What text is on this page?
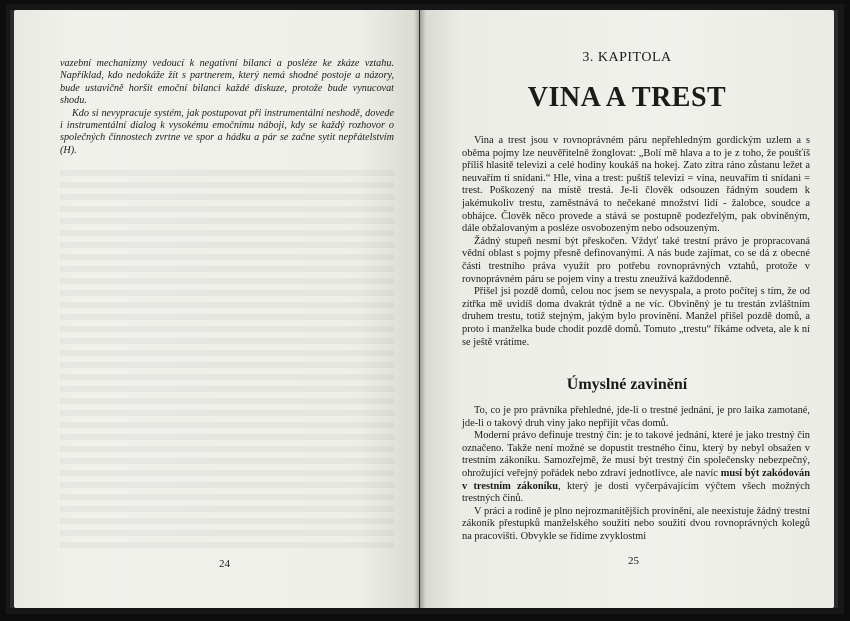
vazební mechanizmy vedoucí k negativní bilanci a posléze ke zkáze vztahu. Například, kdo nedokáže žít s partnerem, který nemá shodné postoje a názory, bude ustavičně horšit emoční bilanci každé diskuze, protože bude vynucovat shodu.

Kdo si nevypracuje systém, jak postupovat při instrumentální neshodě, dovede i instrumentální dialog k vysokému emočnímu náboji, kdy se každý rozhovor o společných činnostech zvrtne ve spor a hádku a pár se začne sytit nepřátelstvím (H).

24
3. KAPITOLA
VINA A TREST

Vina a trest jsou v rovnoprávném páru nepřehledným gordickým uzlem a s oběma pojmy lze neuvěřitelně žonglovat: „Bolí mě hlava a to je z toho, že poušťíš příliš hlasitě televizi a celé hodiny koukáš na hokej. Zato zítra ráno zůstanu ležet a neuvařím ti snídani.“ Hle, vina a trest: puštíš televizi = vina, neuvařím ti snídani = trest. Poškozený na místě trestá. Je-li člověk odsouzen řádným soudem k jakémukoliv trestu, zaměstnává to nečekané množství lidí - žalobce, soudce a obhájce. Člověk něco provede a stává se postupně podezřelým, pak obviněným, dále obžalovaným a posléze osvobozeným nebo odsouzeným.

Žádný stupeň nesmí být přeskočen. Vždyť také trestní právo je propracovaná vědní oblast s pojmy přesně definovanými. A nás bude zajímat, co se dá z obecné části trestního práva využít pro potřebu rovnoprávných vztahů, protože v rovnoprávném páru se pojem viny a trestu zneužívá každodenně.

Přišel jsi pozdě domů, celou noc jsem se nevyspala, a proto počítej s tím, že od zítřka mě uvidíš doma dvakrát týdně a ne víc. Obviněný je tu trestán zvláštním druhem trestu, totiž stejným, jakým bylo provinění. Manžel přišel pozdě domů, a proto i manželka bude chodit pozdě domů. Tomuto „trestu“ říkáme odveta, ale k ní se ještě vrátíme.

Úmyslné zavinění

To, co je pro právníka přehledné, jde-li o trestné jednání, je pro laika zamotané, jde-li o takový druh viny jako nepřijít včas domů.

Moderní právo definuje trestný čin: je to takové jednání, které je jako trestný čin označeno. Takže není možné se dopustit trestného činu, který by nebyl obsažen v trestním zákoníku. Samozřejmě, že musí být trestný čin společensky nebezpečný, ohrožující veřejný pořádek nebo zdraví jednotlivce, ale navíc musí být zakódován v trestním zákoníku, který je dosti vyčerpávajícím výčtem všech možných trestných činů.

V práci a rodině je plno nejrozmanitějších provinění, ale neexistuje žádný trestní zákoník přestupků manželského soužití nebo soužití dvou rovnoprávných kolegů na pracovišti. Obvykle se řídíme zvyklostmi

25
